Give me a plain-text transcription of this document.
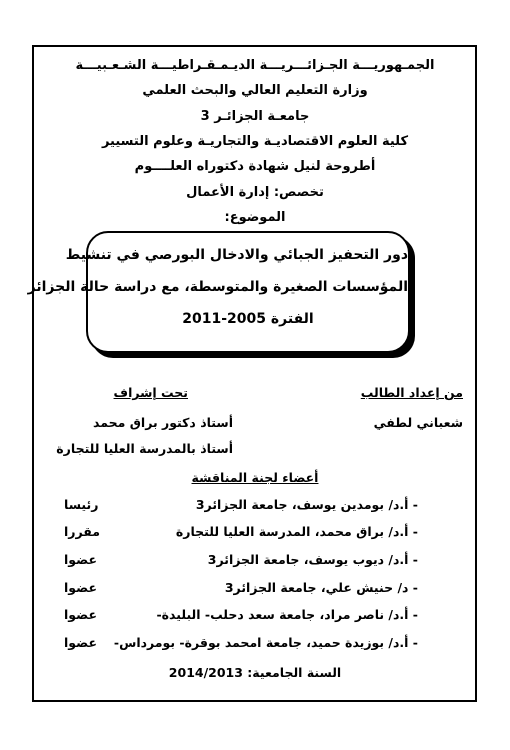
الجمـهوريـــة الجـزائـــريـــة الديـمـقـراطيـــة الشـعـبيـــة
وزارة التعليم العالي والبحث العلمي
جامعـة الجزائـر 3
كلية العلوم الاقتصاديـة والتجاريـة وعلوم التسيير
أطروحة لنيل شهادة دكتوراه العلــــوم
تخصص: إدارة الأعمال
الموضوع:
دور التحفيز الجبائي والادخال البورصي في تنشيط
المؤسسات الصغيرة والمتوسطة، مع دراسة حالة الجزائر
الفترة 2005-2011
من إعداد الطالب
تحت إشراف
شعباني لطفي
أستاذ دكتور براق محمد
أستاذ بالمدرسة العليا للتجارة
أعضاء لجنة المناقشة
- أ.د/ بومدين يوسف، جامعة الجزائر3
رئيسا
- أ.د/ براق محمد، المدرسة العليا للتجارة
مقررا
- أ.د/ ديوب يوسف، جامعة الجزائر3
عضوا
- د/ حنيش علي، جامعة الجزائر3
عضوا
- أ.د/ ناصر مراد، جامعة سعد دحلب- البليدة-
عضوا
- أ.د/ بوزيدة حميد، جامعة امحمد بوقرة- بومرداس-
عضوا
السنة الجامعية: 2014/2013
